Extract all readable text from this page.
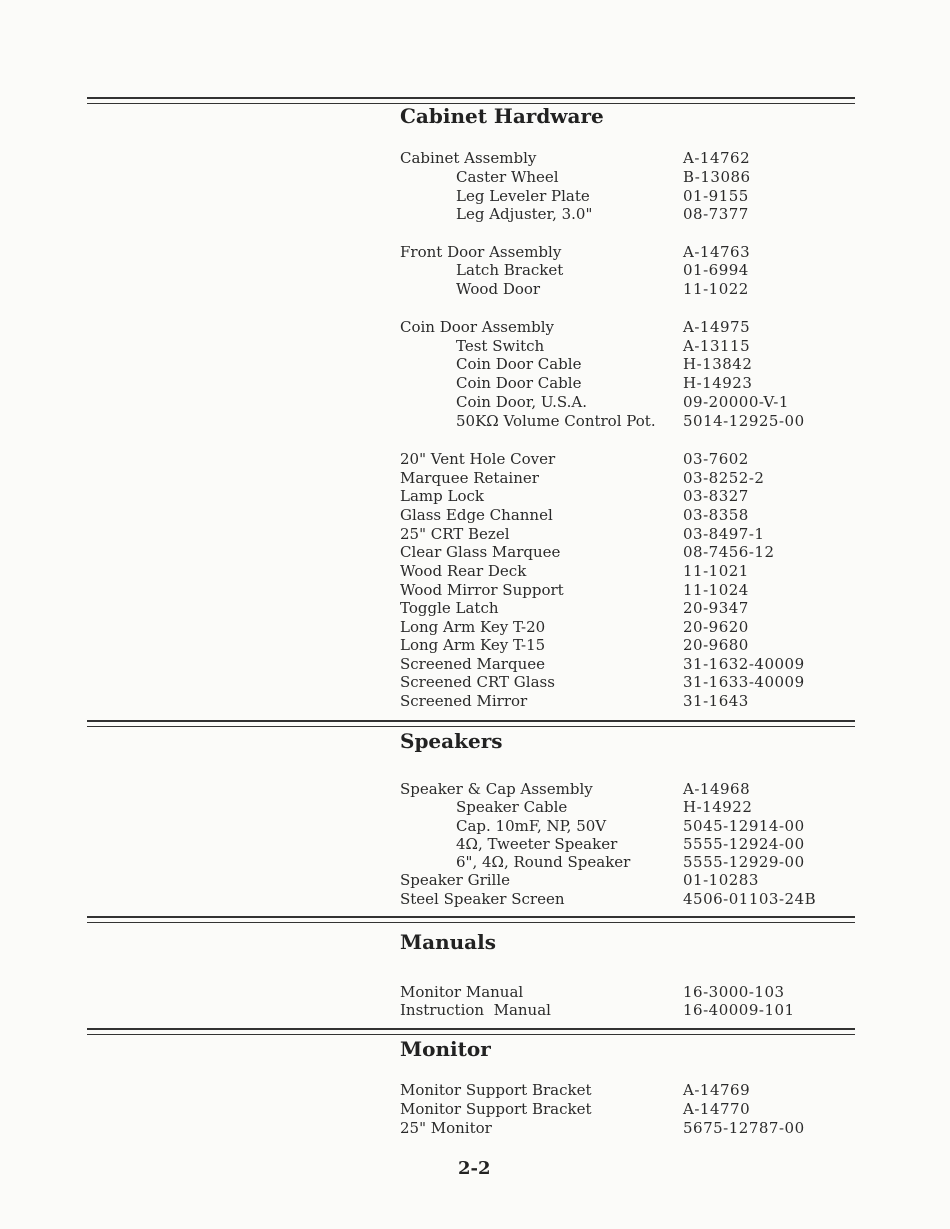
Cabinet Hardware
Speakers
Manuals
Monitor
Cabinet Assembly	A-14762
Caster Wheel	B-13086
Leg Leveler Plate	01-9155
Leg Adjuster, 3.0"	08-7377
Front Door Assembly	A-14763
Latch Bracket	01-6994
Wood Door	11-1022
Coin Door Assembly	A-14975
Test Switch	A-13115
Coin Door Cable	H-13842
Coin Door Cable	H-14923
Coin Door, U.S.A.	09-20000-V-1
50KΩ Volume Control Pot. 5014-12925-00
20" Vent Hole Cover	03-7602
Marquee Retainer	03-8252-2
Lamp Lock	03-8327
Glass Edge Channel	03-8358
25" CRT Bezel	03-8497-1
Clear Glass Marquee	08-7456-12
Wood Rear Deck	11-1021
Wood Mirror Support	11-1024
Toggle Latch	20-9347
Long Arm Key T-20	20-9620
Long Arm Key T-15	20-9680
Screened Marquee	31-1632-40009
Screened CRT Glass	31-1633-40009
Screened Mirror	31-1643
Speaker & Cap Assembly	A-14968
Speaker Cable	H-14922
Cap. 10mF, NP, 50V	5045-12914-00
4Ω, Tweeter Speaker	5555-12924-00
6", 4Ω, Round Speaker	5555-12929-00
Speaker Grille	01-10283
Steel Speaker Screen	4506-01103-24B
Monitor Manual	16-3000-103
Instruction  Manual	16-40009-101
Monitor Support Bracket	A-14769
Monitor Support Bracket	A-14770
25" Monitor	5675-12787-00
2-2
